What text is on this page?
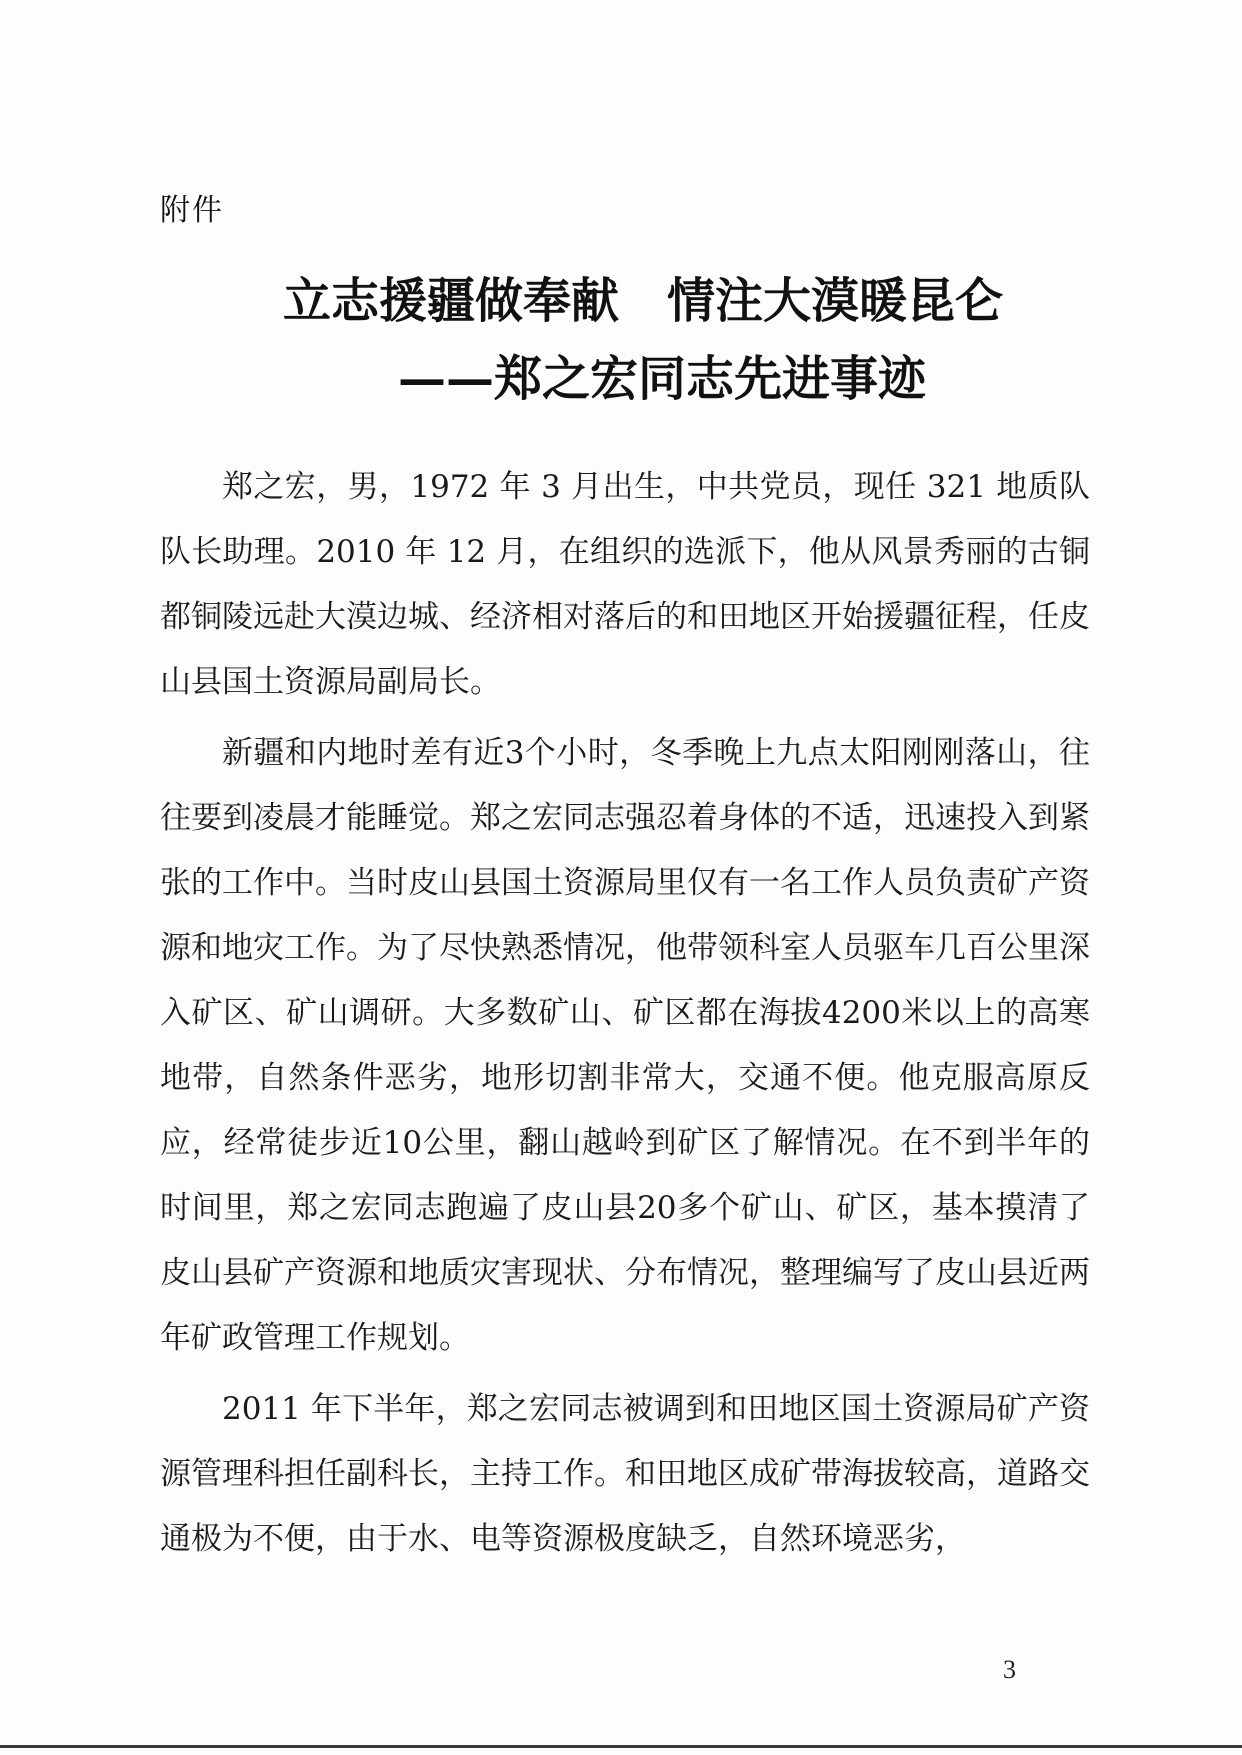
附件
立志援疆做奉献　情注大漠暖昆仑
——郑之宏同志先进事迹

郑之宏，男，1972 年 3 月出生，中共党员，现任 321 地质队队长助理。2010 年 12 月，在组织的选派下，他从风景秀丽的古铜都铜陵远赴大漠边城、经济相对落后的和田地区开始援疆征程，任皮山县国土资源局副局长。

新疆和内地时差有近3个小时，冬季晚上九点太阳刚刚落山，往往要到凌晨才能睡觉。郑之宏同志强忍着身体的不适，迅速投入到紧张的工作中。当时皮山县国土资源局里仅有一名工作人员负责矿产资源和地灾工作。为了尽快熟悉情况，他带领科室人员驱车几百公里深入矿区、矿山调研。大多数矿山、矿区都在海拔4200米以上的高寒地带，自然条件恶劣，地形切割非常大，交通不便。他克服高原反应，经常徒步近10公里，翻山越岭到矿区了解情况。在不到半年的时间里，郑之宏同志跑遍了皮山县20多个矿山、矿区，基本摸清了皮山县矿产资源和地质灾害现状、分布情况，整理编写了皮山县近两年矿政管理工作规划。

2011 年下半年，郑之宏同志被调到和田地区国土资源局矿产资源管理科担任副科长，主持工作。和田地区成矿带海拔较高，道路交通极为不便，由于水、电等资源极度缺乏，自然环境恶劣，

3
